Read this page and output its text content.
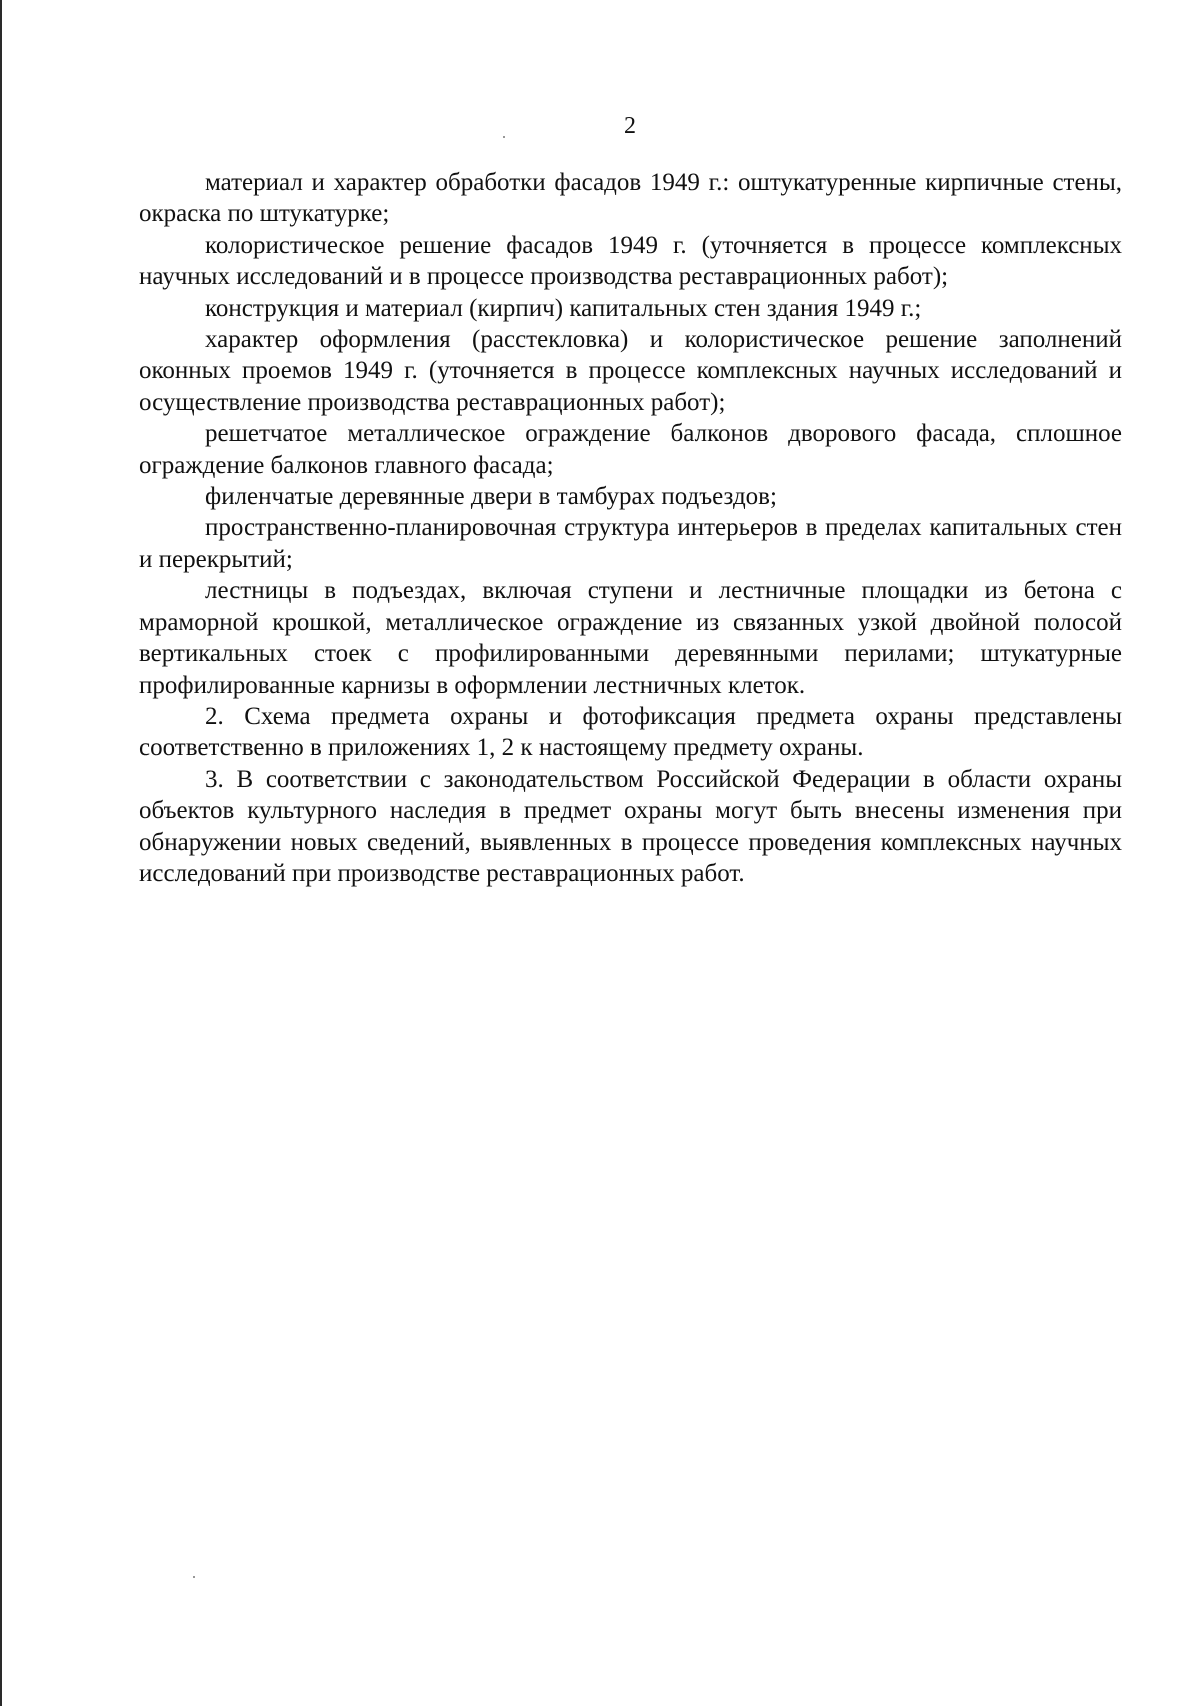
2

материал и характер обработки фасадов 1949 г.: оштукатуренные кирпичные стены, окраска по штукатурке;

колористическое решение фасадов 1949 г. (уточняется в процессе комплексных научных исследований и в процессе производства реставрационных работ);

конструкция и материал (кирпич) капитальных стен здания 1949 г.;

характер оформления (расстекловка) и колористическое решение заполнений оконных проемов 1949 г. (уточняется в процессе комплексных научных исследований и осуществление производства реставрационных работ);

решетчатое металлическое ограждение балконов дворового фасада, сплошное ограждение балконов главного фасада;

филенчатые деревянные двери в тамбурах подъездов;

пространственно-планировочная структура интерьеров в пределах капитальных стен и перекрытий;

лестницы в подъездах, включая ступени и лестничные площадки из бетона с мраморной крошкой, металлическое ограждение из связанных узкой двойной полосой вертикальных стоек с профилированными деревянными перилами; штукатурные профилированные карнизы в оформлении лестничных клеток.

2. Схема предмета охраны и фотофиксация предмета охраны представлены соответственно в приложениях 1, 2 к настоящему предмету охраны.

3. В соответствии с законодательством Российской Федерации в области охраны объектов культурного наследия в предмет охраны могут быть внесены изменения при обнаружении новых сведений, выявленных в процессе проведения комплексных научных исследований при производстве реставрационных работ.
